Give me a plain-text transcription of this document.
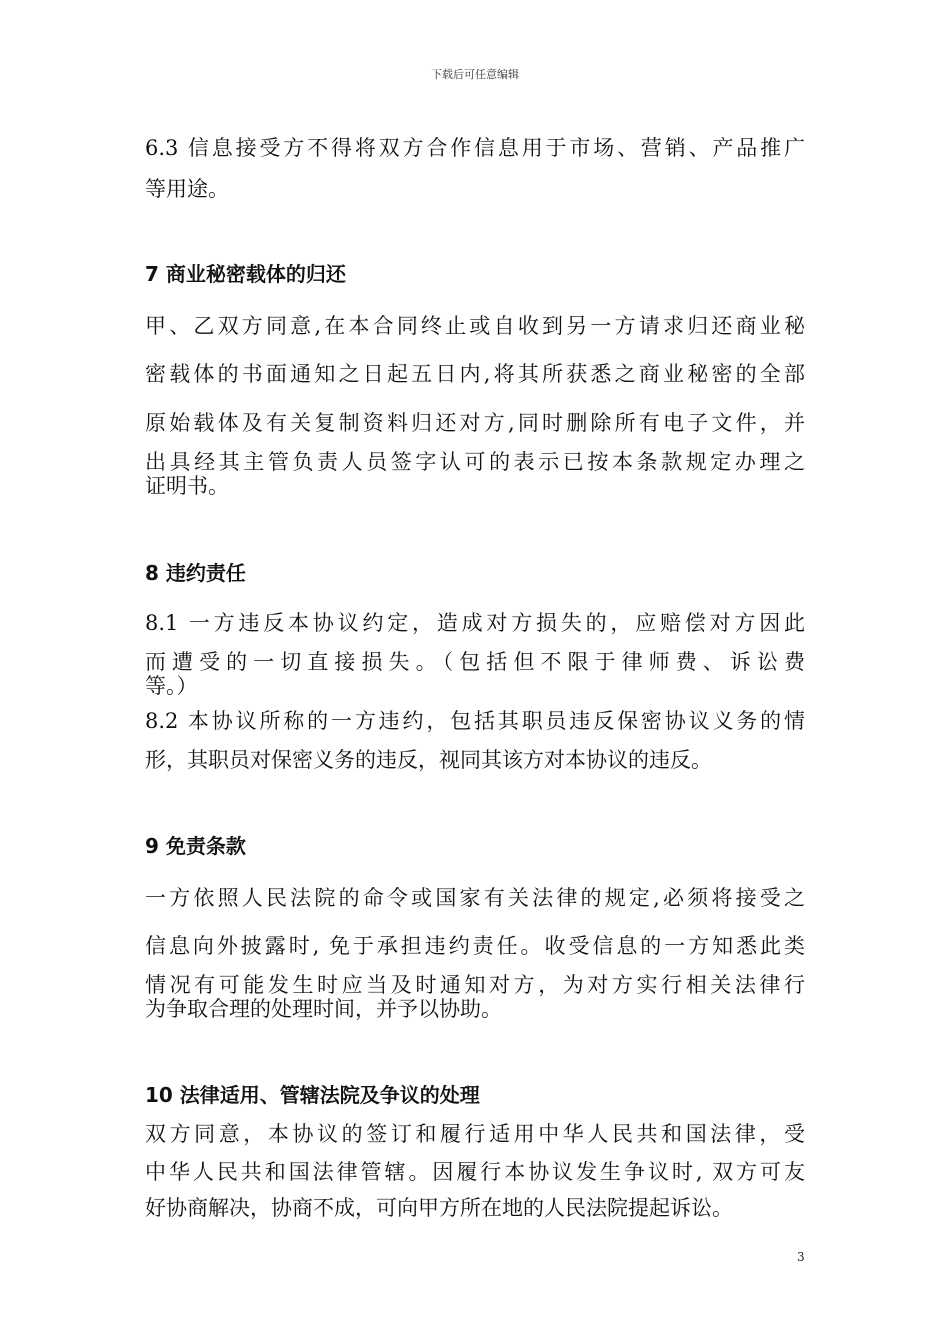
下载后可任意编辑
6.3 信息接受方不得将双方合作信息用于市场、营销、产品推广
等用途。
7 商业秘密载体的归还
甲、乙双方同意,在本合同终止或自收到另一方请求归还商业秘
密载体的书面通知之日起五日内,将其所获悉之商业秘密的全部
原始载体及有关复制资料归还对方,同时删除所有电子文件，并
出具经其主管负责人员签字认可的表示已按本条款规定办理之
证明书。
8 违约责任
8.1 一方违反本协议约定，造成对方损失的，应赔偿对方因此
而遭受的一切直接损失。（包括但不限于律师费、诉讼费
等。）
8.2 本协议所称的一方违约，包括其职员违反保密协议义务的情
形，其职员对保密义务的违反，视同其该方对本协议的违反。
9 免责条款
一方依照人民法院的命令或国家有关法律的规定,必须将接受之
信息向外披露时, 免于承担违约责任。收受信息的一方知悉此类
情况有可能发生时应当及时通知对方，为对方实行相关法律行
为争取合理的处理时间，并予以协助。
10 法律适用、管辖法院及争议的处理
双方同意，本协议的签订和履行适用中华人民共和国法律，受
中华人民共和国法律管辖。因履行本协议发生争议时, 双方可友
好协商解决，协商不成，可向甲方所在地的人民法院提起诉讼。
3
